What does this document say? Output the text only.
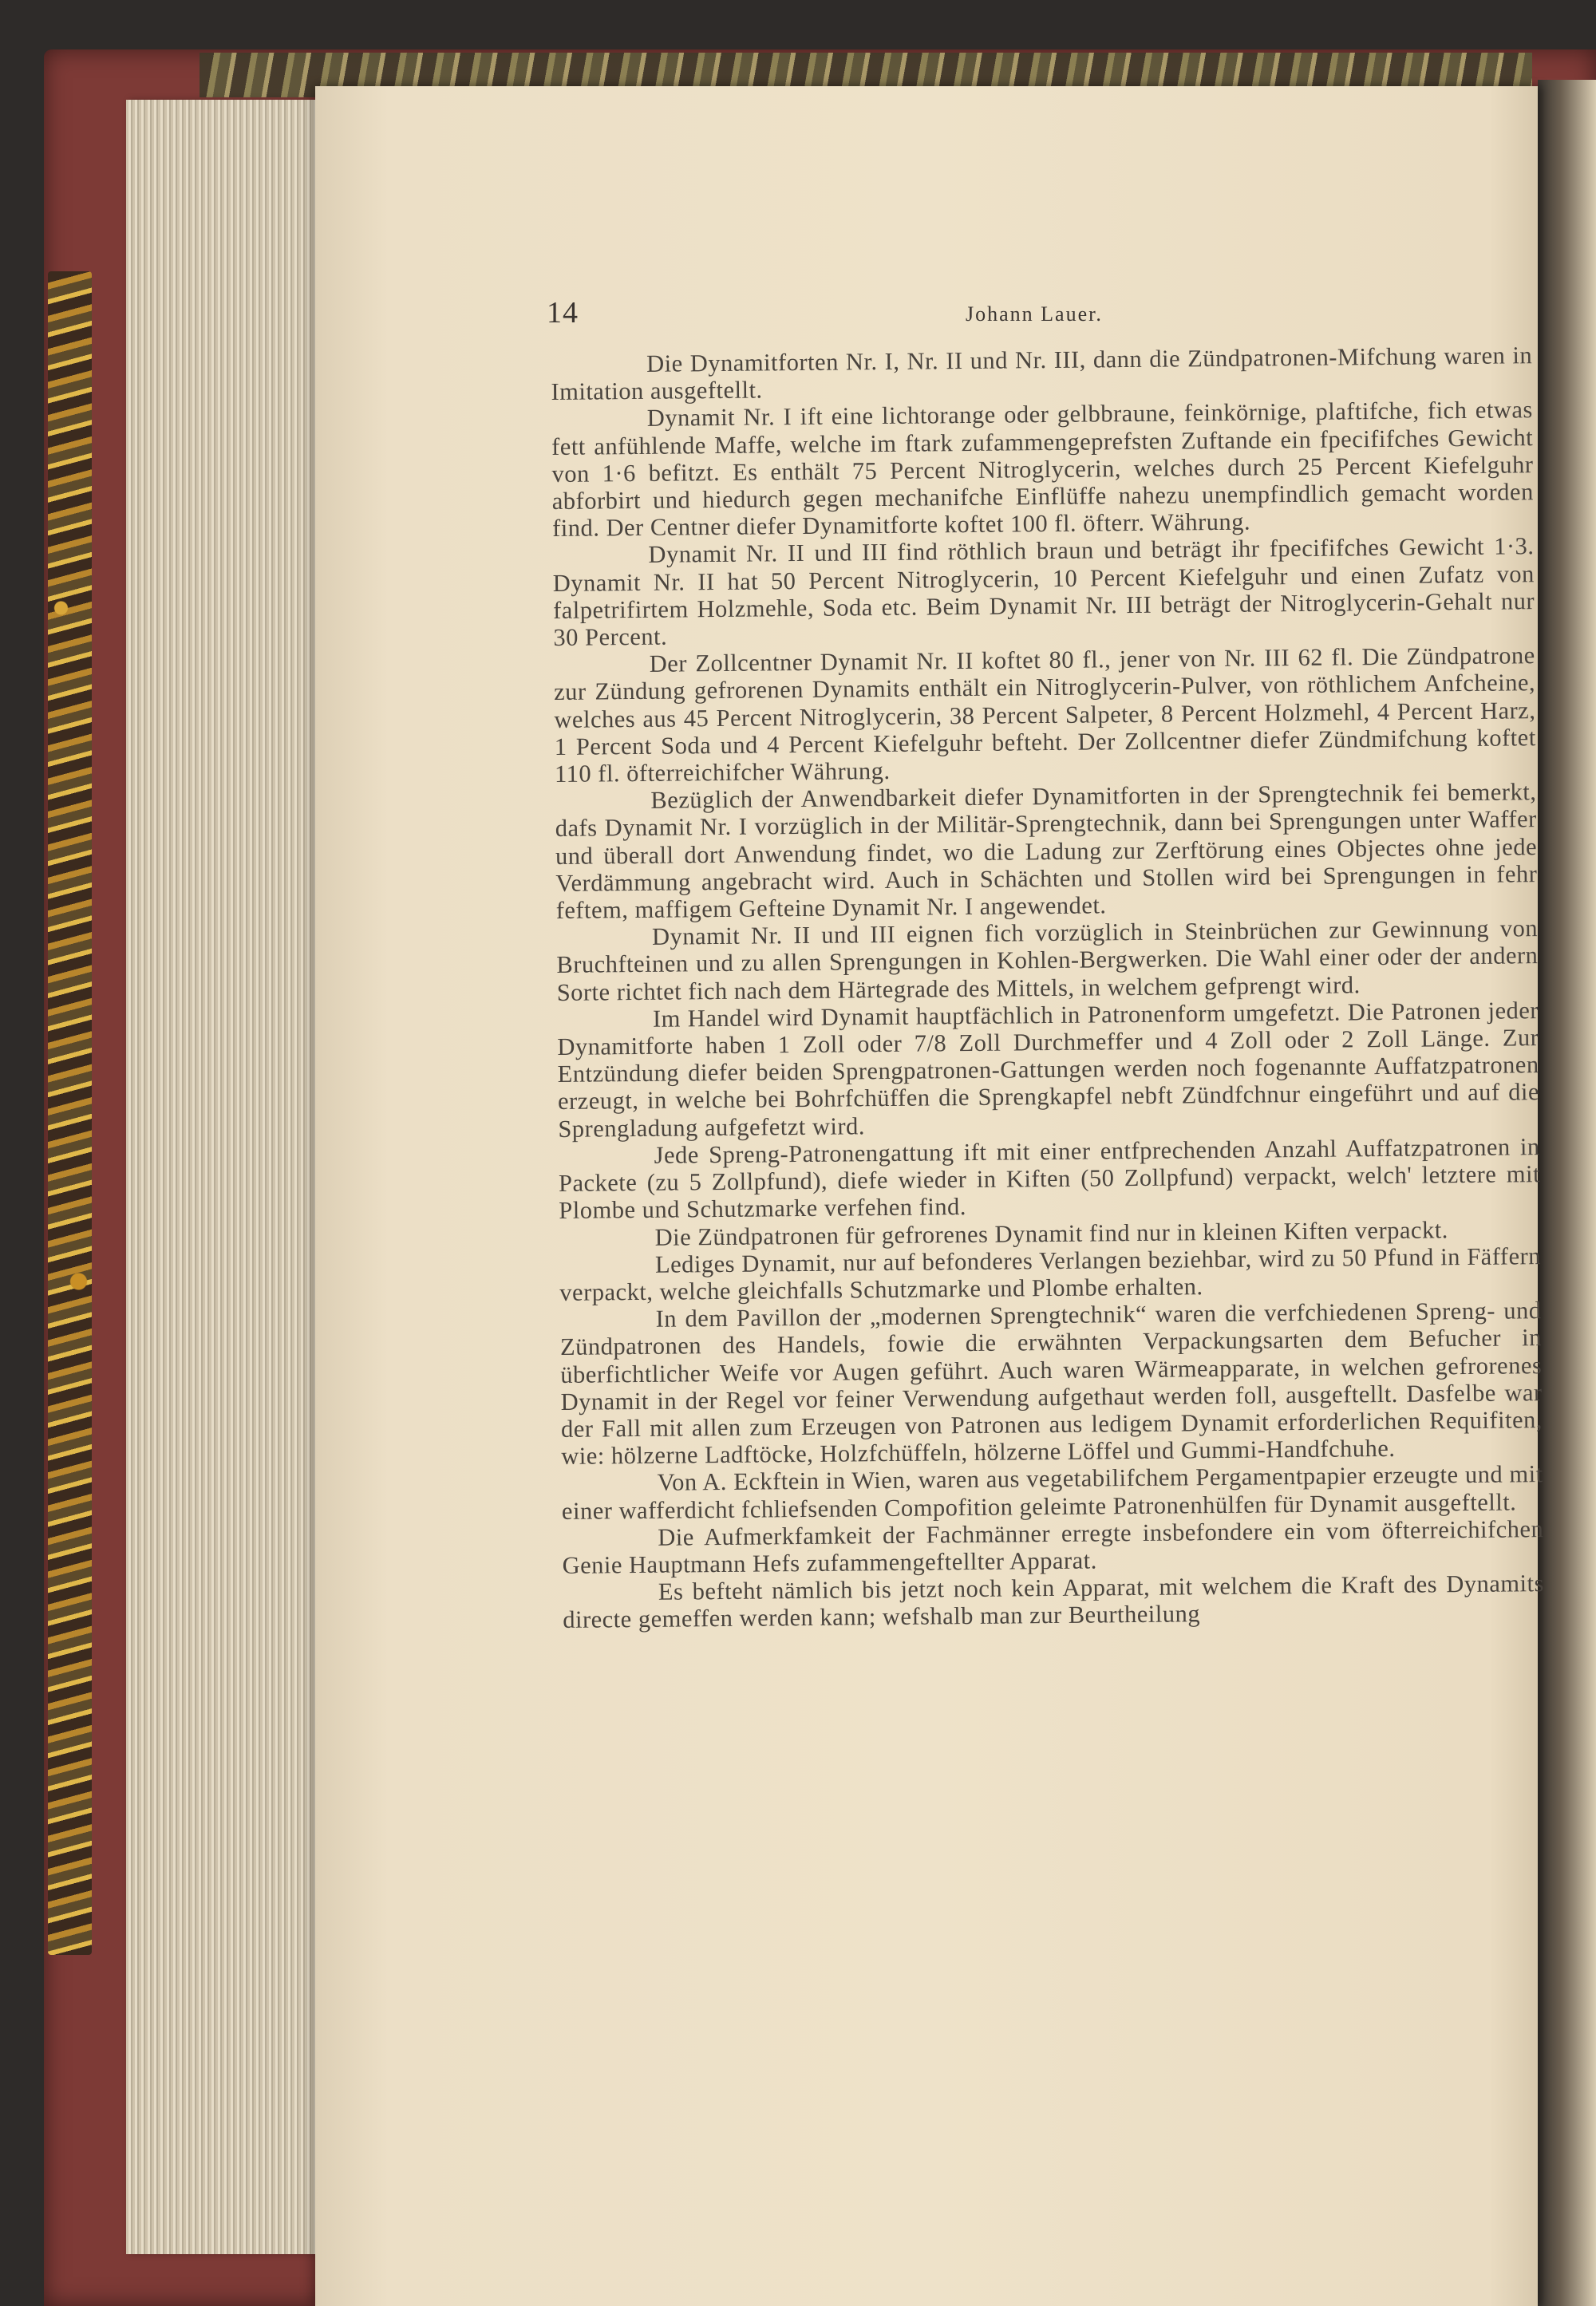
14	Johann Lauer.

Die Dynamitforten Nr. I, Nr. II und Nr. III, dann die Zündpatronen-Mifchung waren in Imitation ausgeftellt.

Dynamit Nr. I ift eine lichtorange oder gelbbraune, feinkörnige, plaftifche, fich etwas fett anfühlende Maffe, welche im ftark zufammengeprefsten Zuftande ein fpecififches Gewicht von 1·6 befitzt. Es enthält 75 Percent Nitroglycerin, welches durch 25 Percent Kiefelguhr abforbirt und hiedurch gegen mechanifche Einflüffe nahezu unempfindlich gemacht worden find. Der Centner diefer Dynamitforte koftet 100 fl. öfterr. Währung.

Dynamit Nr. II und III find röthlich braun und beträgt ihr fpecififches Gewicht 1·3. Dynamit Nr. II hat 50 Percent Nitroglycerin, 10 Percent Kiefelguhr und einen Zufatz von falpetrifirtem Holzmehle, Soda etc. Beim Dynamit Nr. III beträgt der Nitroglycerin-Gehalt nur 30 Percent.

Der Zollcentner Dynamit Nr. II koftet 80 fl., jener von Nr. III 62 fl. Die Zündpatrone zur Zündung gefrorenen Dynamits enthält ein Nitroglycerin-Pulver, von röthlichem Anfcheine, welches aus 45 Percent Nitroglycerin, 38 Percent Salpeter, 8 Percent Holzmehl, 4 Percent Harz, 1 Percent Soda und 4 Percent Kiefelguhr befteht. Der Zollcentner diefer Zündmifchung koftet 110 fl. öfterreichifcher Währung.

Bezüglich der Anwendbarkeit diefer Dynamitforten in der Sprengtechnik fei bemerkt, dafs Dynamit Nr. I vorzüglich in der Militär-Sprengtechnik, dann bei Sprengungen unter Waffer und überall dort Anwendung findet, wo die Ladung zur Zerftörung eines Objectes ohne jede Verdämmung angebracht wird. Auch in Schächten und Stollen wird bei Sprengungen in fehr feftem, maffigem Gefteine Dynamit Nr. I angewendet.

Dynamit Nr. II und III eignen fich vorzüglich in Steinbrüchen zur Gewinnung von Bruchfteinen und zu allen Sprengungen in Kohlen-Bergwerken. Die Wahl einer oder der andern Sorte richtet fich nach dem Härtegrade des Mittels, in welchem gefprengt wird.

Im Handel wird Dynamit hauptfächlich in Patronenform umgefetzt. Die Patronen jeder Dynamitforte haben 1 Zoll oder 7/8 Zoll Durchmeffer und 4 Zoll oder 2 Zoll Länge. Zur Entzündung diefer beiden Sprengpatronen-Gattungen werden noch fogenannte Auffatzpatronen erzeugt, in welche bei Bohrfchüffen die Sprengkapfel nebft Zündfchnur eingeführt und auf die Sprengladung aufgefetzt wird.

Jede Spreng-Patronengattung ift mit einer entfprechenden Anzahl Auffatzpatronen in Packete (zu 5 Zollpfund), diefe wieder in Kiften (50 Zollpfund) verpackt, welch' letztere mit Plombe und Schutzmarke verfehen find.

Die Zündpatronen für gefrorenes Dynamit find nur in kleinen Kiften verpackt.

Lediges Dynamit, nur auf befonderes Verlangen beziehbar, wird zu 50 Pfund in Fäffern verpackt, welche gleichfalls Schutzmarke und Plombe erhalten.

In dem Pavillon der „modernen Sprengtechnik“ waren die verfchiedenen Spreng- und Zündpatronen des Handels, fowie die erwähnten Verpackungsarten dem Befucher in überfichtlicher Weife vor Augen geführt. Auch waren Wärmeapparate, in welchen gefrorenes Dynamit in der Regel vor feiner Verwendung aufgethaut werden foll, ausgeftellt. Dasfelbe war der Fall mit allen zum Erzeugen von Patronen aus ledigem Dynamit erforderlichen Requifiten, wie: hölzerne Ladftöcke, Holzfchüffeln, hölzerne Löffel und Gummi-Handfchuhe.

Von A. Eckftein in Wien, waren aus vegetabilifchem Pergamentpapier erzeugte und mit einer wafferdicht fchliefsenden Compofition geleimte Patronenhülfen für Dynamit ausgeftellt.

Die Aufmerkfamkeit der Fachmänner erregte insbefondere ein vom öfterreichifchen Genie Hauptmann Hefs zufammengeftellter Apparat.

Es befteht nämlich bis jetzt noch kein Apparat, mit welchem die Kraft des Dynamits directe gemeffen werden kann; wefshalb man zur Beurtheilung
